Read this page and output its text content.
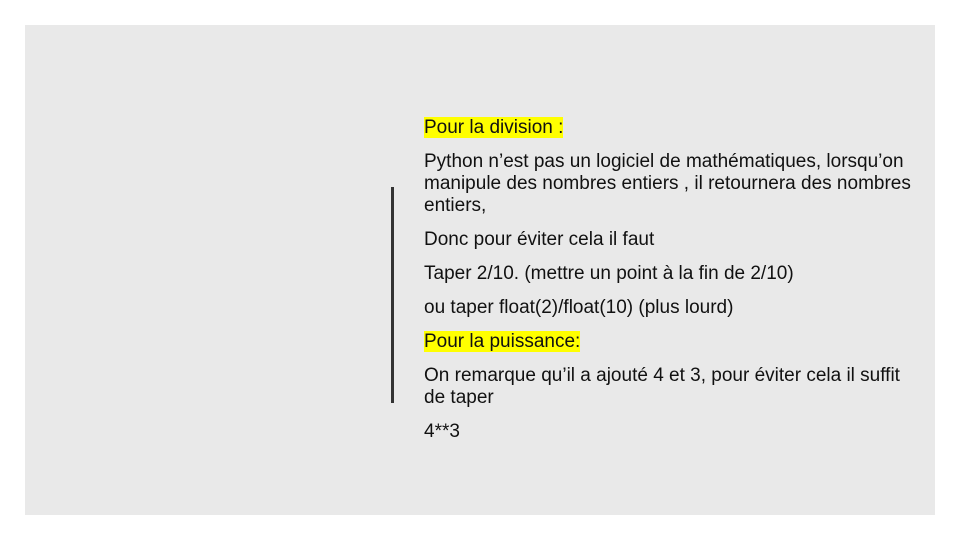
Pour la division :

Python n’est pas un logiciel de mathématiques, lorsqu’on manipule des nombres entiers , il retournera des nombres entiers,

Donc pour éviter cela il faut

Taper 2/10. (mettre un point à la fin de 2/10)

ou taper float(2)/float(10) (plus lourd)

Pour la puissance:

On remarque qu’il a ajouté 4 et 3, pour éviter cela il suffit de taper

4**3
